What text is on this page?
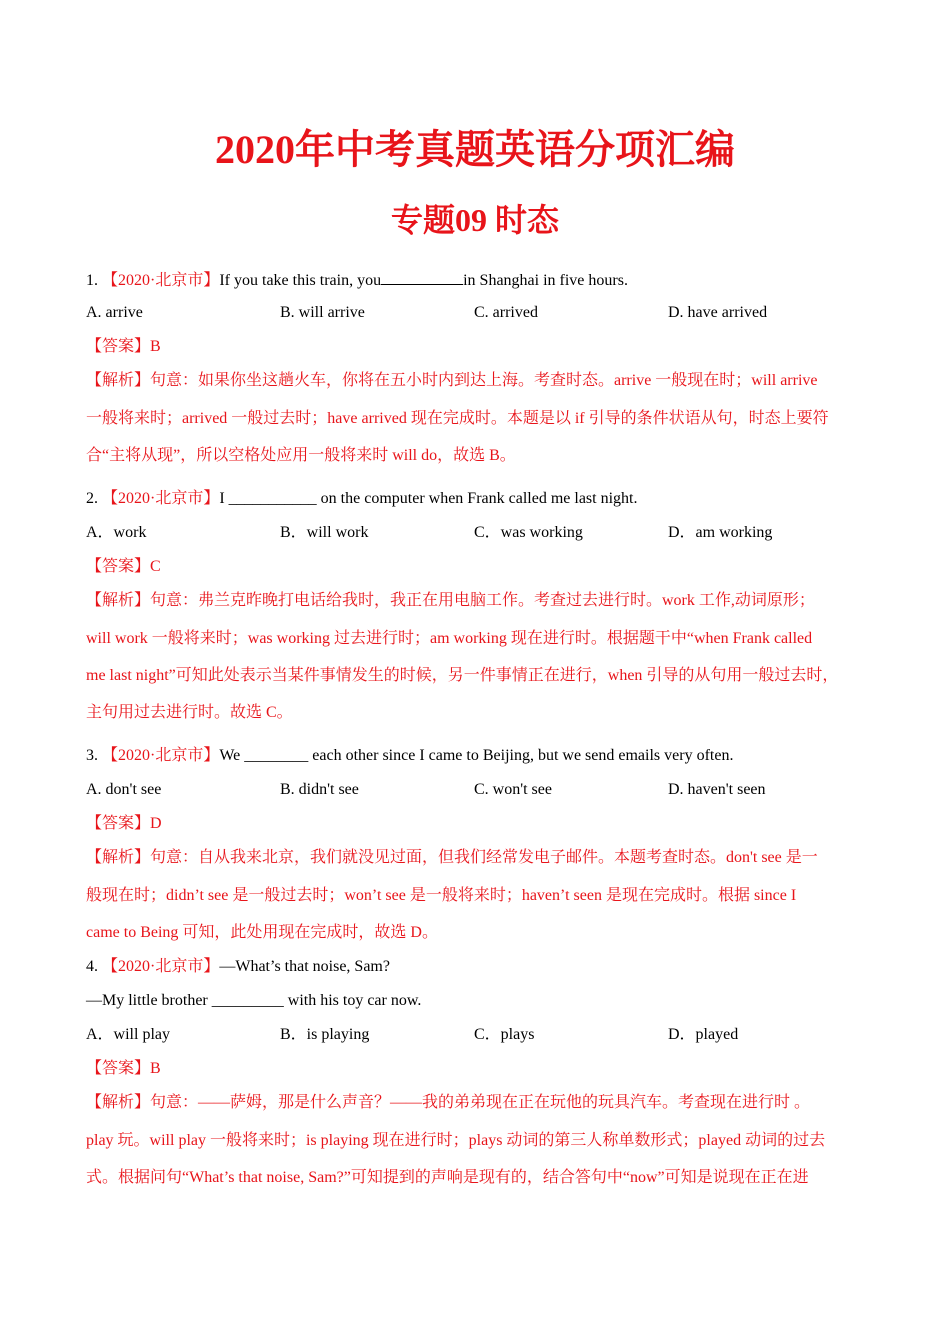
2020年中考真题英语分项汇编
专题09 时态
1. 【2020·北京市】If you take this train, you	in Shanghai in five hours.
A. arrive	B. will arrive	C. arrived	D. have arrived
【答案】B
【解析】句意：如果你坐这趟火车，你将在五小时内到达上海。考查时态。arrive 一般现在时；will arrive
一般将来时；arrived 一般过去时；have arrived 现在完成时。本题是以 if 引导的条件状语从句，时态上要符
合“主将从现”，所以空格处应用一般将来时 will do，故选 B。
2. 【2020·北京市】I ___________ on the computer when Frank called me last night.
A．work	B．will work	C．was working	D．am working
【答案】C
【解析】句意：弗兰克昨晚打电话给我时，我正在用电脑工作。考查过去进行时。work 工作,动词原形；
will work 一般将来时；was working 过去进行时；am working 现在进行时。根据题干中“when Frank called
me last night”可知此处表示当某件事情发生的时候，另一件事情正在进行，when 引导的从句用一般过去时，
主句用过去进行时。故选 C。
3. 【2020·北京市】We ________ each other since I came to Beijing, but we send emails very often.
A. don't see	B. didn't see	C. won't see	D. haven't seen
【答案】D
【解析】句意：自从我来北京，我们就没见过面，但我们经常发电子邮件。本题考查时态。don't see 是一
般现在时；didn’t see 是一般过去时；won’t see 是一般将来时；haven’t seen 是现在完成时。根据 since I
came to Being 可知，此处用现在完成时，故选 D。
4. 【2020·北京市】—What’s that noise, Sam?
—My little brother _________ with his toy car now.
A．will play	B．is playing	C．plays	D．played
【答案】B
【解析】句意：——萨姆，那是什么声音？——我的弟弟现在正在玩他的玩具汽车。考查现在进行时 。
play 玩。will play 一般将来时；is playing 现在进行时；plays 动词的第三人称单数形式；played 动词的过去
式。根据问句“What’s that noise, Sam?”可知提到的声响是现有的，结合答句中“now”可知是说现在正在进
